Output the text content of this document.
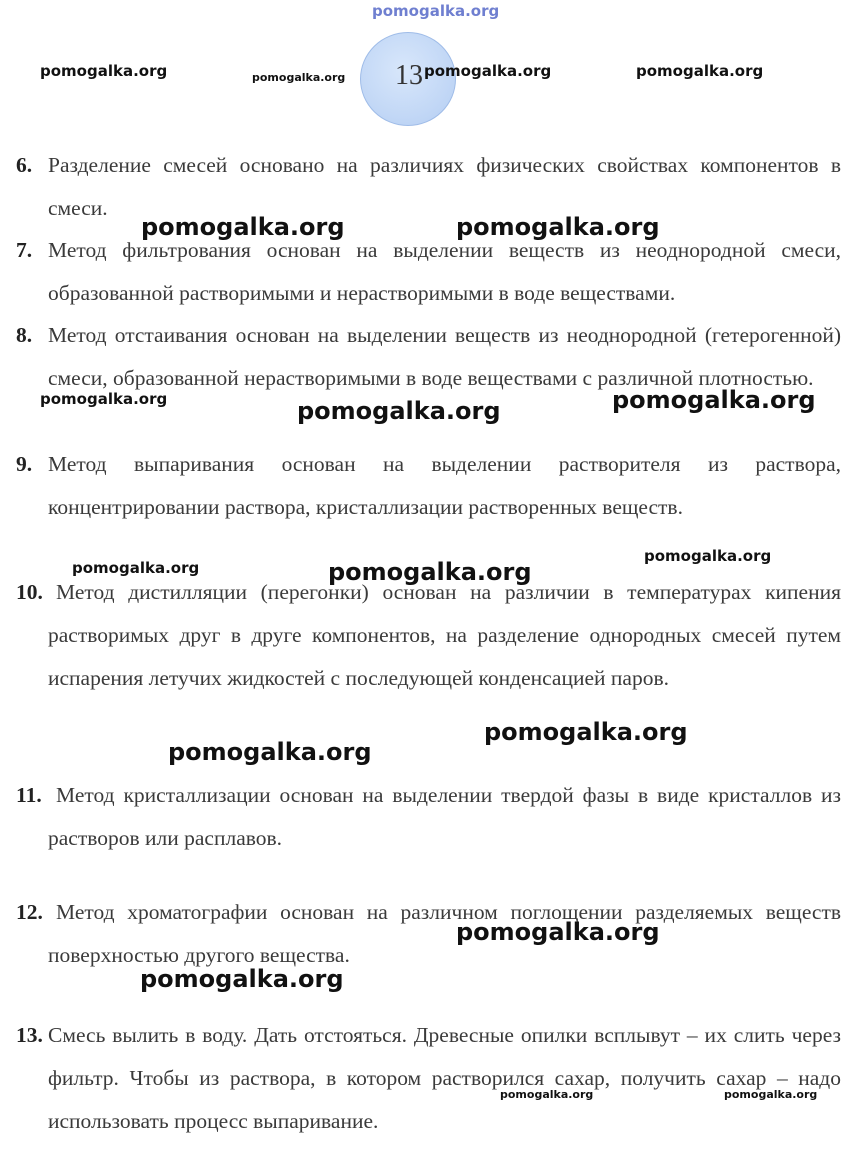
pomogalka.org
13
6. Разделение смесей основано на различиях физических свойствах компонентов в смеси.
7. Метод фильтрования основан на выделении веществ из неоднородной смеси, образованной растворимыми и нерастворимыми в воде веществами.
8. Метод отстаивания основан на выделении веществ из неоднородной (гетерогенной) смеси, образованной нерастворимыми в воде веществами с различной плотностью.
9. Метод выпаривания основан на выделении растворителя из раствора, концентрировании раствора, кристаллизации растворенных веществ.
10. Метод дистилляции (перегонки) основан на различии в температурах кипения растворимых друг в друге компонентов, на разделение однородных смесей путем испарения летучих жидкостей с последующей конденсацией паров.
11. Метод кристаллизации основан на выделении твердой фазы в виде кристаллов из растворов или расплавов.
12. Метод хроматографии основан на различном поглощении разделяемых веществ поверхностью другого вещества.
13. Смесь вылить в воду. Дать отстояться. Древесные опилки всплывут – их слить через фильтр. Чтобы из раствора, в котором растворился сахар, получить сахар – надо использовать процесс выпаривание.
pomogalka.org	pomogalka.org	pomogalka.org	pomogalka.org
pomogalka.org	pomogalka.org
pomogalka.org	pomogalka.org	pomogalka.org
pomogalka.org	pomogalka.org
pomogalka.org
pomogalka.org
pomogalka.org
pomogalka.org
pomogalka.org
pomogalka.org	pomogalka.org
